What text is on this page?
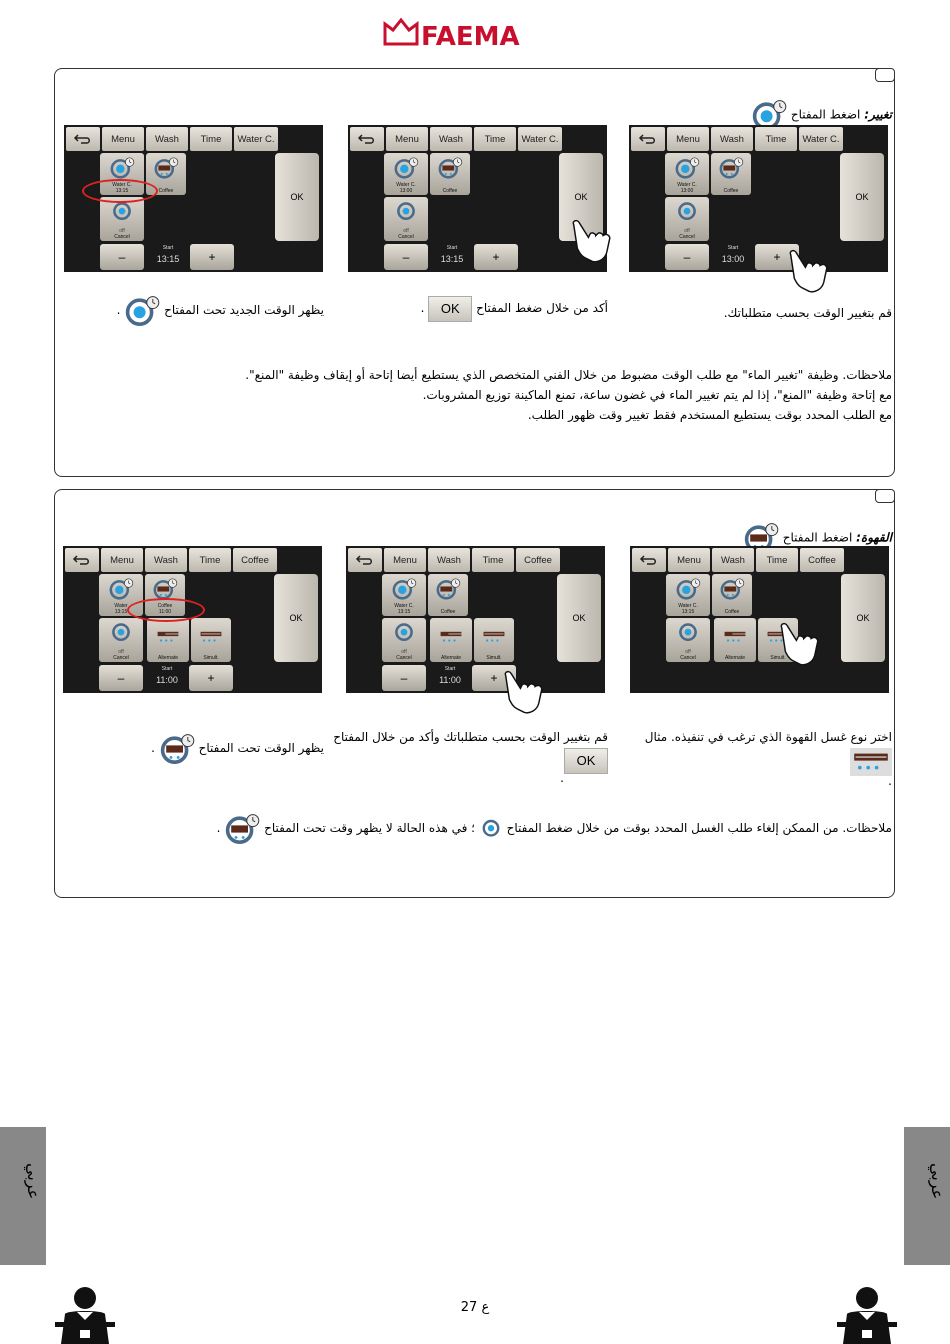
FAEMA
تغيير: اضغط المفتاح
Menu	Wash	Time	Water C.
Water C.
13:00	Coffee
off
Cancel
OK
–
Start
13:00	+
Menu	Wash	Time	Water C.
Water C.
13:00	Coffee
off
Cancel
OK
–
Start
13:15	+
Menu	Wash	Time	Water C.
Water C.
13:15	Coffee
off
Cancel
OK
–
Start
13:15	+
قم بتغيير الوقت بحسب متطلباتك.
أكد من خلال ضغط المفتاح OK .
يظهر الوقت الجديد تحت المفتاح  .
ملاحظات. وظيفة "تغيير الماء" مع طلب الوقت مضبوط من خلال الفني المتخصص الذي يستطيع أيضا إتاحة أو إيقاف وظيفة "المنع".
مع إتاحة وظيفة "المنع"، إذا لم يتم تغيير الماء في غضون ساعة، تمنع الماكينة توزيع المشروبات.
مع الطلب المحدد بوقت يستطيع المستخدم فقط تغيير وقت ظهور الطلب.
القهوة: اضغط المفتاح
Menu	Wash	Time	Coffee
Water C.
13:15	Coffee
off
Cancel	Alternate	Simult.
OK
Menu	Wash	Time	Coffee
Water C.
13:15	Coffee
off
Cancel	Alternate	Simult.
OK
–
Start
11:00	+
Menu	Wash	Time	Coffee
Water
13:15
Coffee
11:00
off
Cancel	Alternate	Simult.
OK
–
Start
11:00	+
اختر نوع غسل القهوة الذي ترغب في تنفيذه. مثال
.
قم بتغيير الوقت بحسب متطلباتك وأكد من خلال المفتاح
OK
.
يظهر الوقت تحت المفتاح  .
ملاحظات. من الممكن إلغاء طلب الغسل المحدد بوقت من خلال ضغط المفتاح  ؛ في هذه الحالة لا يظهر وقت تحت المفتاح  .
عربي	عربي
ع 27
